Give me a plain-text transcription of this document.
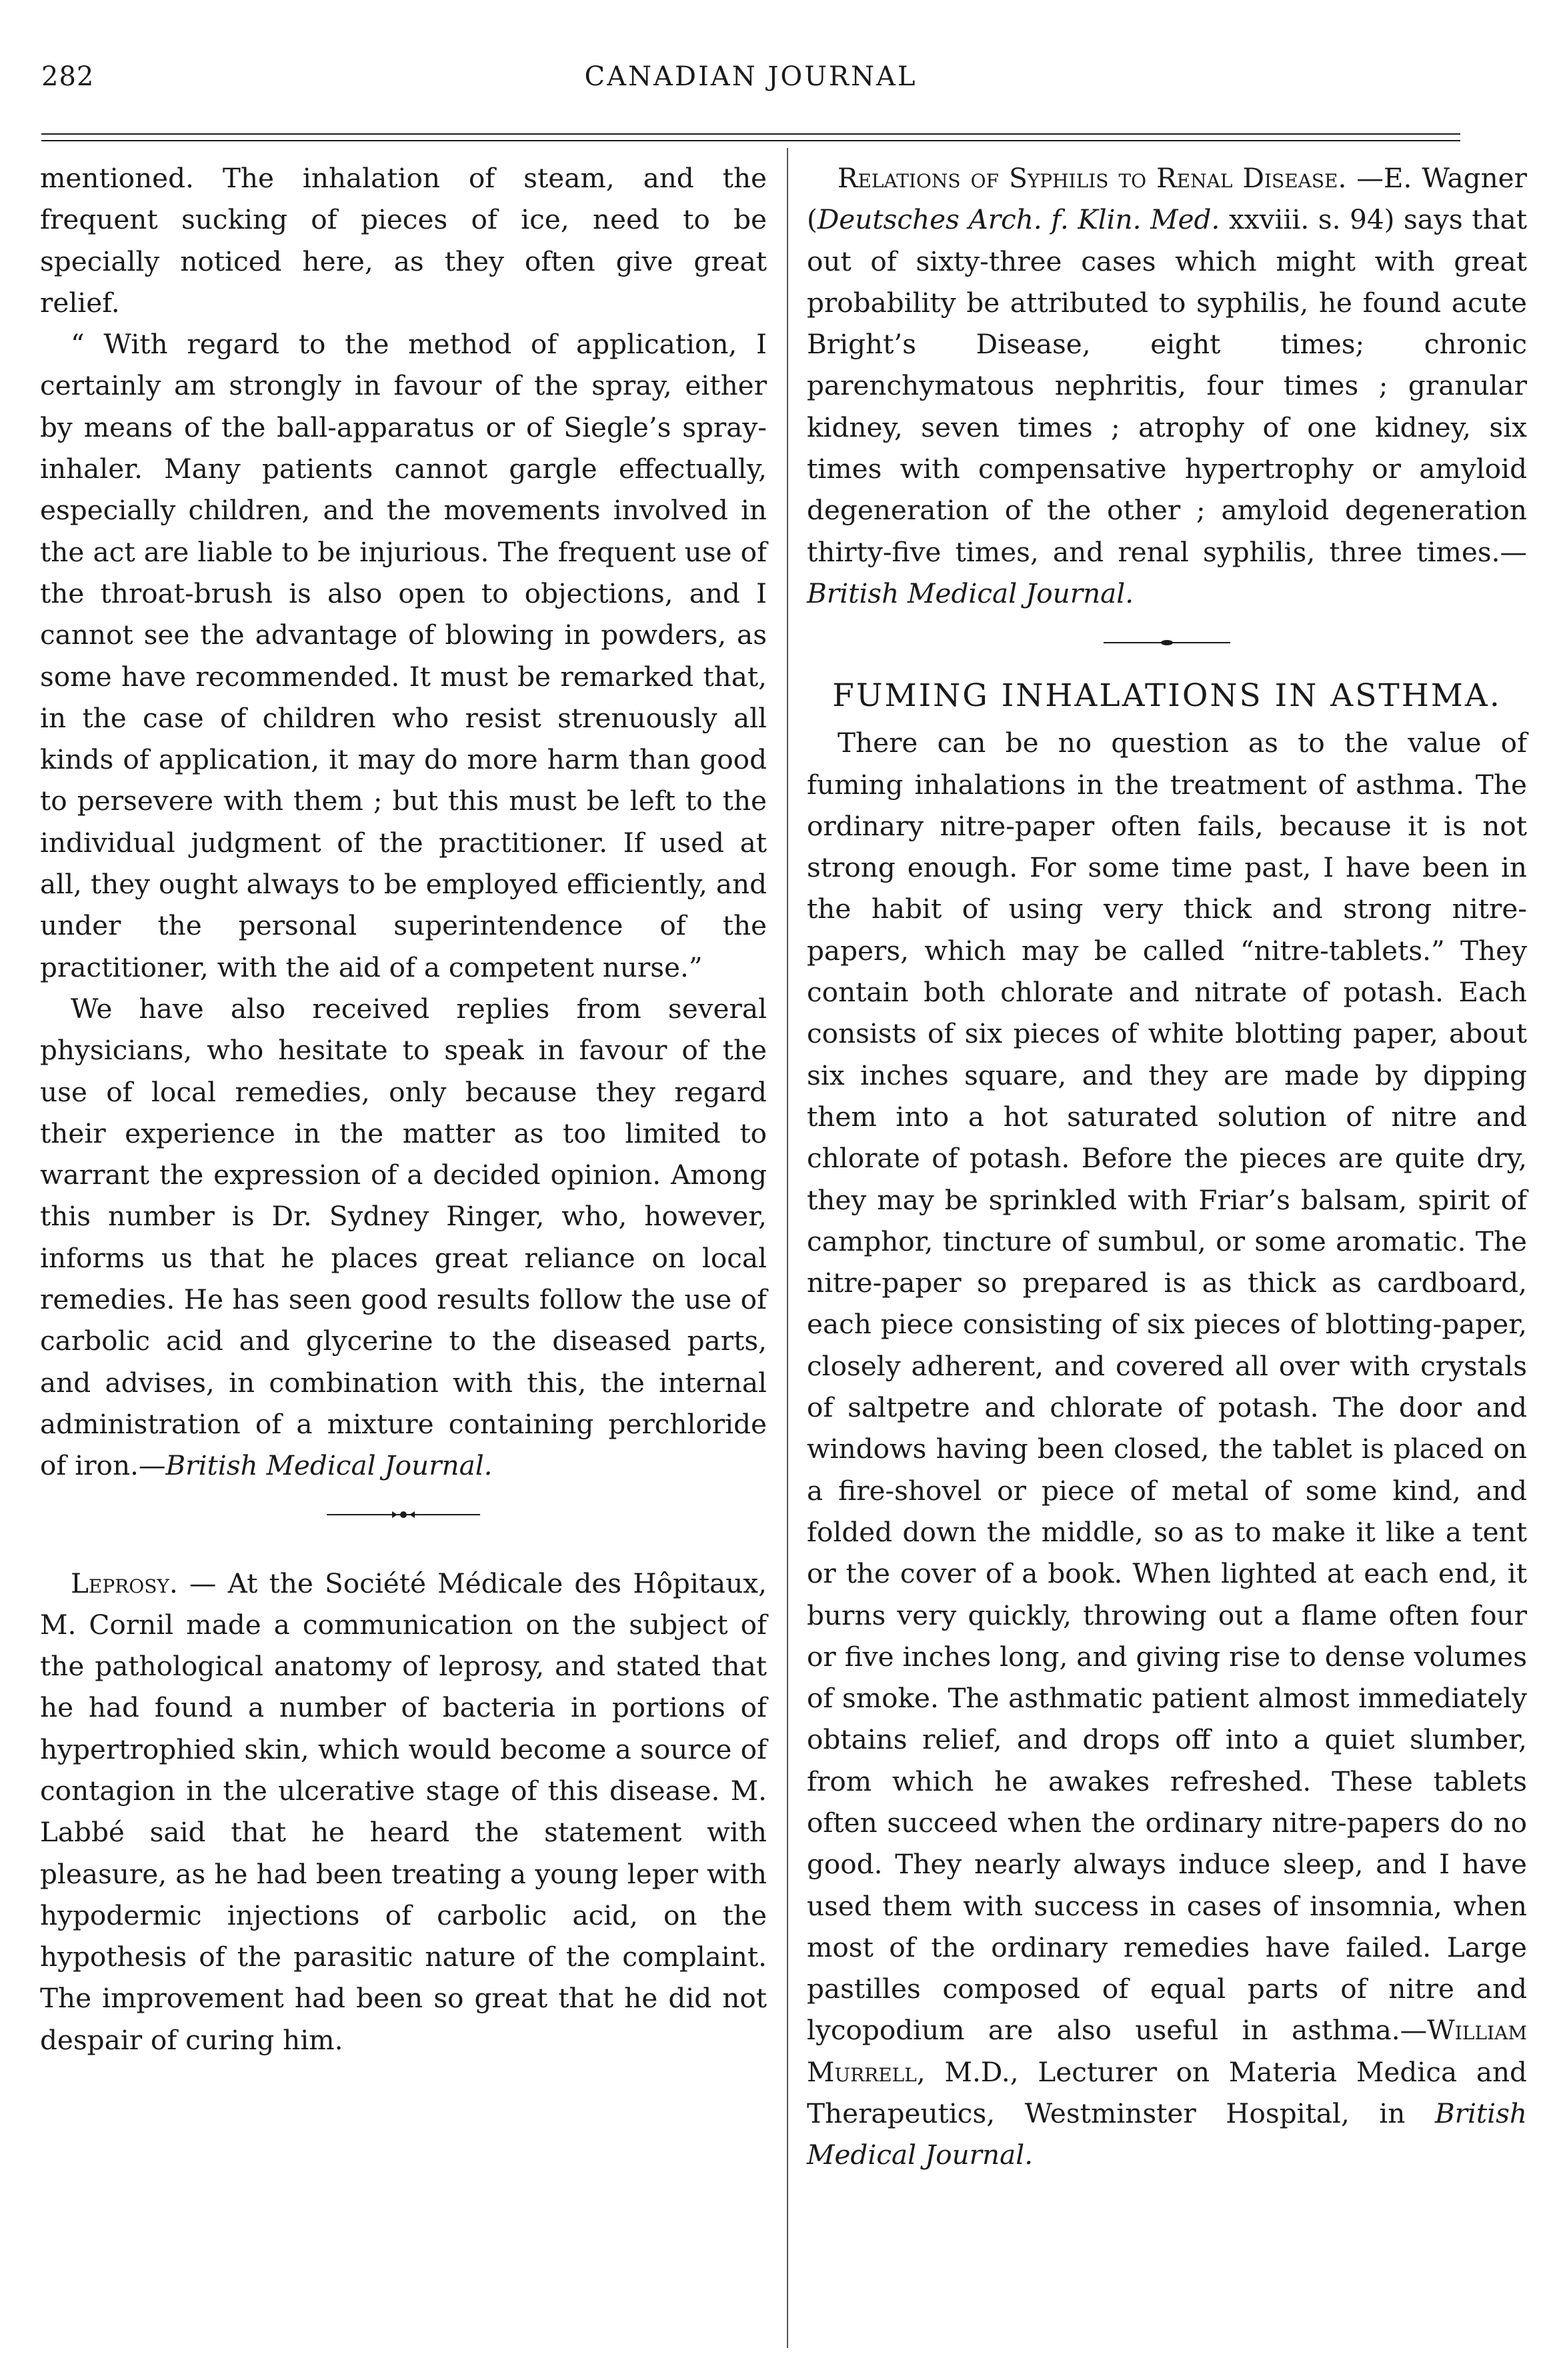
282	CANADIAN JOURNAL

mentioned. The inhalation of steam, and the frequent sucking of pieces of ice, need to be specially noticed here, as they often give great relief.

“ With regard to the method of application, I certainly am strongly in favour of the spray, either by means of the ball-apparatus or of Siegle’s spray-inhaler. Many patients cannot gargle effectually, especially children, and the movements involved in the act are liable to be injurious. The frequent use of the throat-brush is also open to objections, and I cannot see the advantage of blowing in powders, as some have recommended. It must be remarked that, in the case of children who resist strenuously all kinds of application, it may do more harm than good to persevere with them ; but this must be left to the individual judgment of the practitioner. If used at all, they ought always to be employed efficiently, and under the personal superintendence of the practitioner, with the aid of a competent nurse.”

We have also received replies from several physicians, who hesitate to speak in favour of the use of local remedies, only because they regard their experience in the matter as too limited to warrant the expression of a decided opinion. Among this number is Dr. Sydney Ringer, who, however, informs us that he places great reliance on local remedies. He has seen good results follow the use of carbolic acid and glycerine to the diseased parts, and advises, in combination with this, the internal administration of a mixture containing perchloride of iron.—British Medical Journal.

Leprosy. — At the Société Médicale des Hôpitaux, M. Cornil made a communication on the subject of the pathological anatomy of leprosy, and stated that he had found a number of bacteria in portions of hypertrophied skin, which would become a source of contagion in the ulcerative stage of this disease. M. Labbé said that he heard the statement with pleasure, as he had been treating a young leper with hypodermic injections of carbolic acid, on the hypothesis of the parasitic nature of the complaint. The improvement had been so great that he did not despair of curing him.

Relations of Syphilis to Renal Disease. —E. Wagner (Deutsches Arch. f. Klin. Med. xxviii. s. 94) says that out of sixty-three cases which might with great probability be attributed to syphilis, he found acute Bright’s Disease, eight times; chronic parenchymatous nephritis, four times ; granular kidney, seven times ; atrophy of one kidney, six times with compensative hypertrophy or amyloid degeneration of the other ; amyloid degeneration thirty-five times, and renal syphilis, three times.—British Medical Journal.

FUMING INHALATIONS IN ASTHMA.

There can be no question as to the value of fuming inhalations in the treatment of asthma. The ordinary nitre-paper often fails, because it is not strong enough. For some time past, I have been in the habit of using very thick and strong nitre-papers, which may be called “nitre-tablets.” They contain both chlorate and nitrate of potash. Each consists of six pieces of white blotting paper, about six inches square, and they are made by dipping them into a hot saturated solution of nitre and chlorate of potash. Before the pieces are quite dry, they may be sprinkled with Friar’s balsam, spirit of camphor, tincture of sumbul, or some aromatic. The nitre-paper so prepared is as thick as cardboard, each piece consisting of six pieces of blotting-paper, closely adherent, and covered all over with crystals of saltpetre and chlorate of potash. The door and windows having been closed, the tablet is placed on a fire-shovel or piece of metal of some kind, and folded down the middle, so as to make it like a tent or the cover of a book. When lighted at each end, it burns very quickly, throwing out a flame often four or five inches long, and giving rise to dense volumes of smoke. The asthmatic patient almost immediately obtains relief, and drops off into a quiet slumber, from which he awakes refreshed. These tablets often succeed when the ordinary nitre-papers do no good. They nearly always induce sleep, and I have used them with success in cases of insomnia, when most of the ordinary remedies have failed. Large pastilles composed of equal parts of nitre and lycopodium are also useful in asthma.—William Murrell, M.D., Lecturer on Materia Medica and Therapeutics, Westminster Hospital, in British Medical Journal.
